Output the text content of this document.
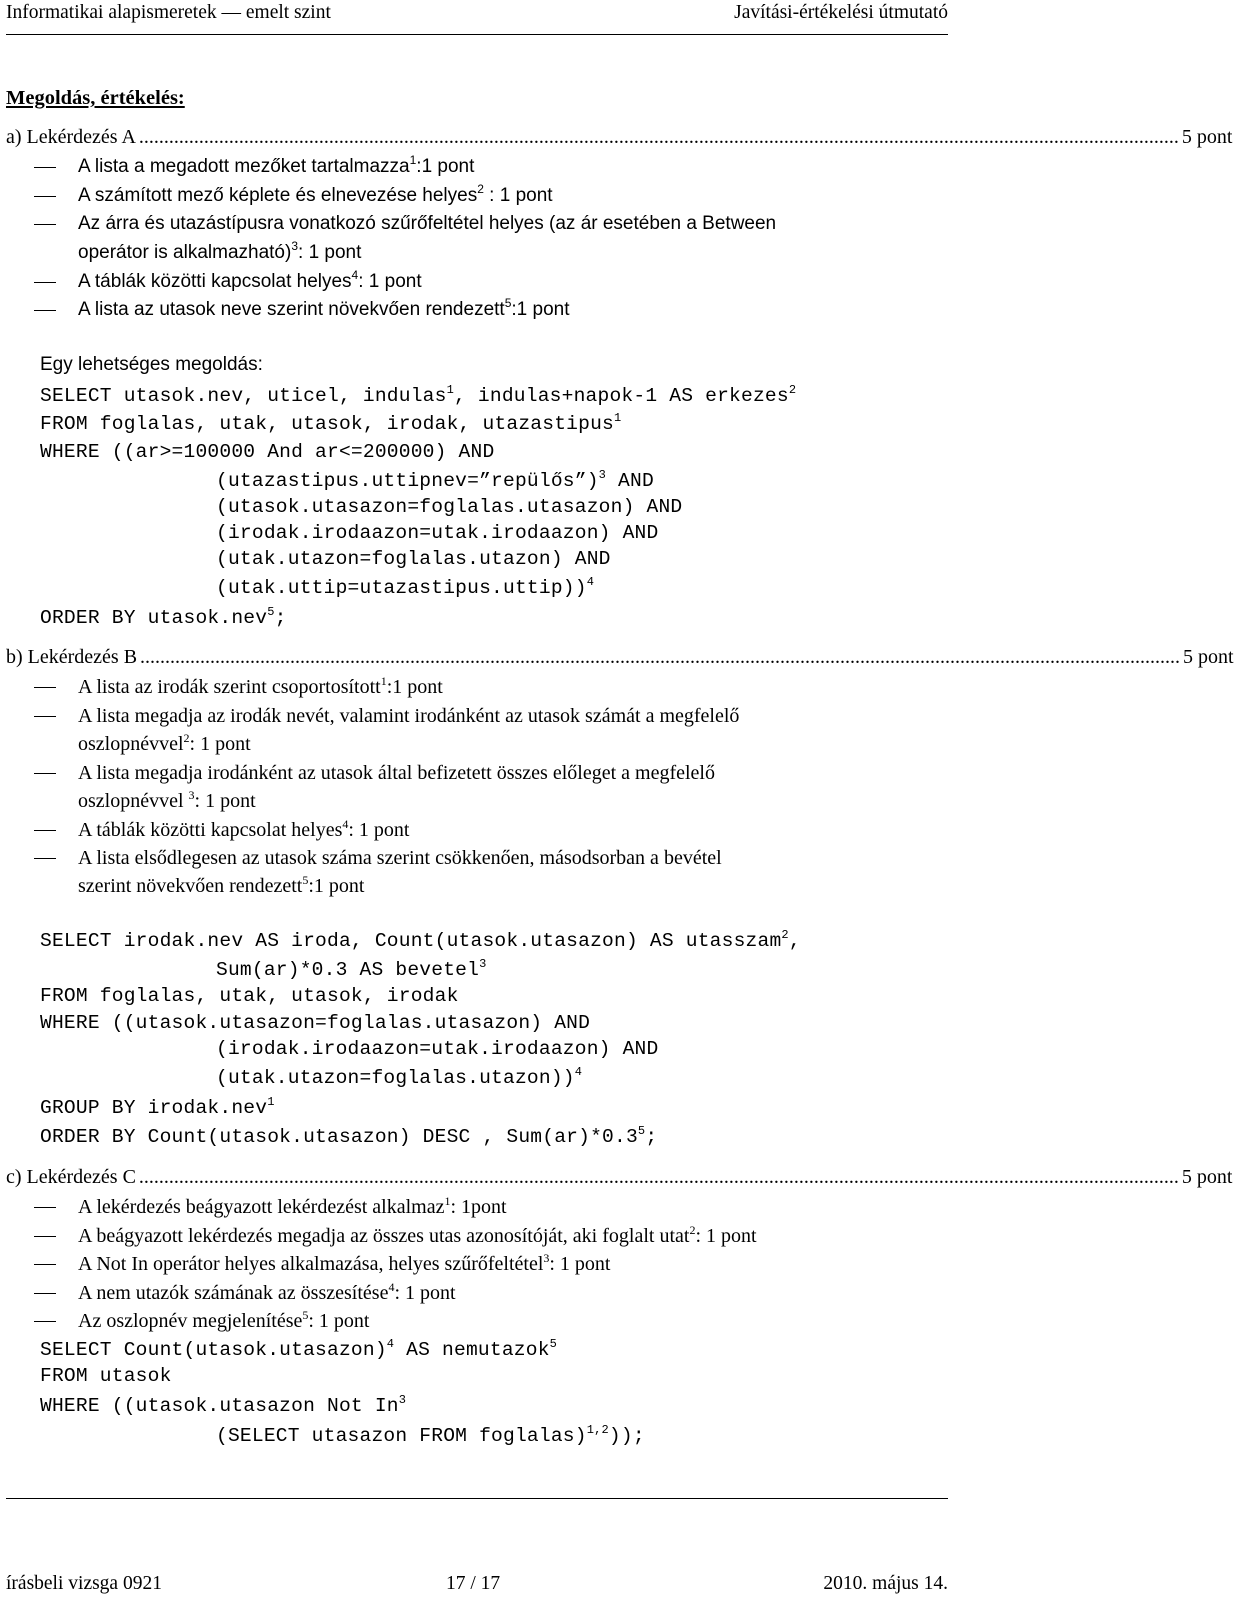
Informatikai alapismeretek — emelt szint	Javítási-értékelési útmutató
Megoldás, értékelés:
a) Lekérdezés A ................................................................................................................................................................................................................ 5 pont
A lista a megadott mezőket tartalmazza$^1$:1 pont
A számított mező képlete és elnevezése helyes$^2$ : 1 pont
Az árra és utazástípusra vonatkozó szűrőfeltétel helyes (az ár esetében a Between
operátor is alkalmazható)$^3$: 1 pont
A táblák közötti kapcsolat helyes$^4$: 1 pont
A lista az utasok neve szerint növekvően rendezett$^5$:1 pont
Egy lehetséges megoldás:
SELECT utasok.nev, uticel, indulas$^1$, indulas+napok-1 AS erkezes$^2$
FROM foglalas, utak, utasok, irodak, utazastipus$^1$
WHERE ((ar>=100000 And ar<=200000) AND
(utazastipus.uttipnev=”repülős”)$^3$ AND
(utasok.utasazon=foglalas.utasazon) AND
(irodak.irodaazon=utak.irodaazon) AND
(utak.utazon=foglalas.utazon) AND
(utak.uttip=utazastipus.uttip))$^4$
ORDER BY utasok.nev$^5$;
b) Lekérdezés B ................................................................................................................................................................................................................ 5 pont
A lista az irodák szerint csoportosított$^1$:1 pont
A lista megadja az irodák nevét, valamint irodánként az utasok számát a megfelelő
oszlopnévvel$^2$: 1 pont
A lista megadja irodánként az utasok által befizetett összes előleget a megfelelő
oszlopnévvel $^3$: 1 pont
A táblák közötti kapcsolat helyes$^4$: 1 pont
A lista elsődlegesen az utasok száma szerint csökkenően, másodsorban a bevétel
szerint növekvően rendezett$^5$:1 pont
SELECT irodak.nev AS iroda, Count(utasok.utasazon) AS utasszam$^2$,
Sum(ar)*0.3 AS bevetel$^3$
FROM foglalas, utak, utasok, irodak
WHERE ((utasok.utasazon=foglalas.utasazon) AND
(irodak.irodaazon=utak.irodaazon) AND
(utak.utazon=foglalas.utazon))$^4$
GROUP BY irodak.nev$^1$
ORDER BY Count(utasok.utasazon) DESC , $Sum(ar)*0.3^5$;
c) Lekérdezés C ................................................................................................................................................................................................................ 5 pont
A lekérdezés beágyazott lekérdezést alkalmaz$^1$: 1pont
A beágyazott lekérdezés megadja az összes utas azonosítóját, aki foglalt utat$^2$: 1 pont
A Not In operátor helyes alkalmazása, helyes szűrőfeltétel$^3$: 1 pont
A nem utazók számának az összesítése$^4$: 1 pont
Az oszlopnév megjelenítése$^5$: 1 pont
SELECT Count(utasok.utasazon)$^4$ AS nemutazok$^5$
FROM utasok
WHERE ((utasok.utasazon Not In$^3$
(SELECT utasazon FROM foglalas)$^{1,2}$));
írásbeli vizsga 0921	17 / 17	2010. május 14.
